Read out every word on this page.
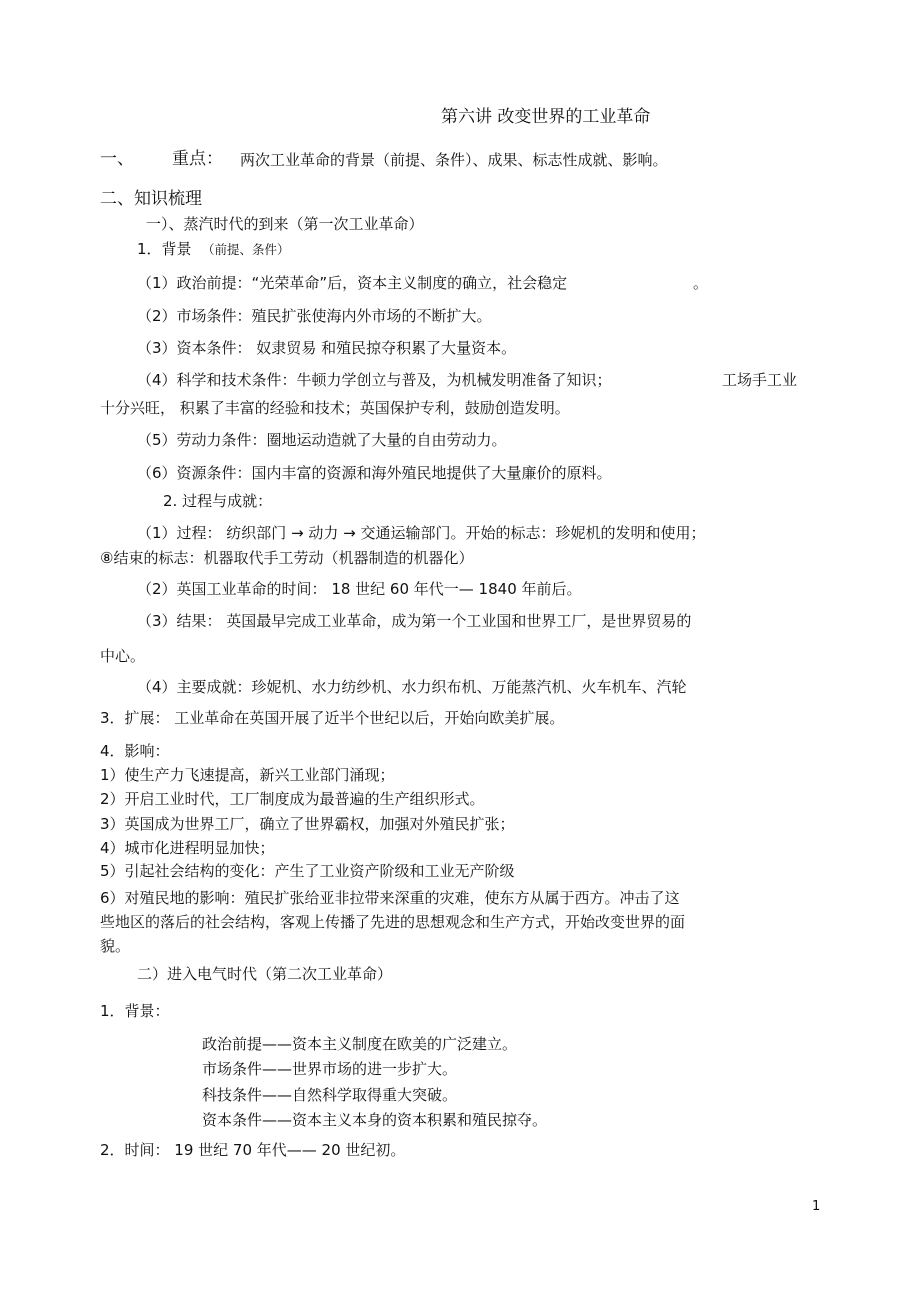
第六讲 改变世界的工业革命
一、 重点： 两次工业革命的背景（前提、条件）、成果、标志性成就、影响。
二、知识梳理
一）、蒸汽时代的到来（第一次工业革命）
1．背景 （前提、条件）
（1）政治前提：“光荣革命”后，资本主义制度的确立，社会稳定	。
（2）市场条件：殖民扩张使海内外市场的不断扩大。
（3）资本条件： 奴隶贸易 和殖民掠夺积累了大量资本。
（4）科学和技术条件：牛顿力学创立与普及，为机械发明准备了知识；	工场手工业
十分兴旺， 积累了丰富的经验和技术；英国保护专利，鼓励创造发明。
（5）劳动力条件：圈地运动造就了大量的自由劳动力。
（6）资源条件：国内丰富的资源和海外殖民地提供了大量廉价的原料。
2. 过程与成就：
（1）过程： 纺织部门 → 动力 → 交通运输部门。开始的标志：珍妮机的发明和使用；
⑧结束的标志：机器取代手工劳动（机器制造的机器化）
（2）英国工业革命的时间： 18 世纪 60 年代一— 1840 年前后。
（3）结果： 英国最早完成工业革命，成为第一个工业国和世界工厂，是世界贸易的
中心。
（4）主要成就：珍妮机、水力纺纱机、水力织布机、万能蒸汽机、火车机车、汽轮
3．扩展： 工业革命在英国开展了近半个世纪以后，开始向欧美扩展。
4．影响：
1）使生产力飞速提高，新兴工业部门涌现；
2）开启工业时代，工厂制度成为最普遍的生产组织形式。
3）英国成为世界工厂，确立了世界霸权，加强对外殖民扩张；
4）城市化进程明显加快；
5）引起社会结构的变化：产生了工业资产阶级和工业无产阶级
6）对殖民地的影响：殖民扩张给亚非拉带来深重的灾难，使东方从属于西方。冲击了这
些地区的落后的社会结构，客观上传播了先进的思想观念和生产方式，开始改变世界的面
貌。
二）进入电气时代（第二次工业革命）
1．背景：
政治前提——资本主义制度在欧美的广泛建立。
市场条件——世界市场的进一步扩大。
科技条件——自然科学取得重大突破。
资本条件——资本主义本身的资本积累和殖民掠夺。
2．时间： 19 世纪 70 年代—— 20 世纪初。
1
